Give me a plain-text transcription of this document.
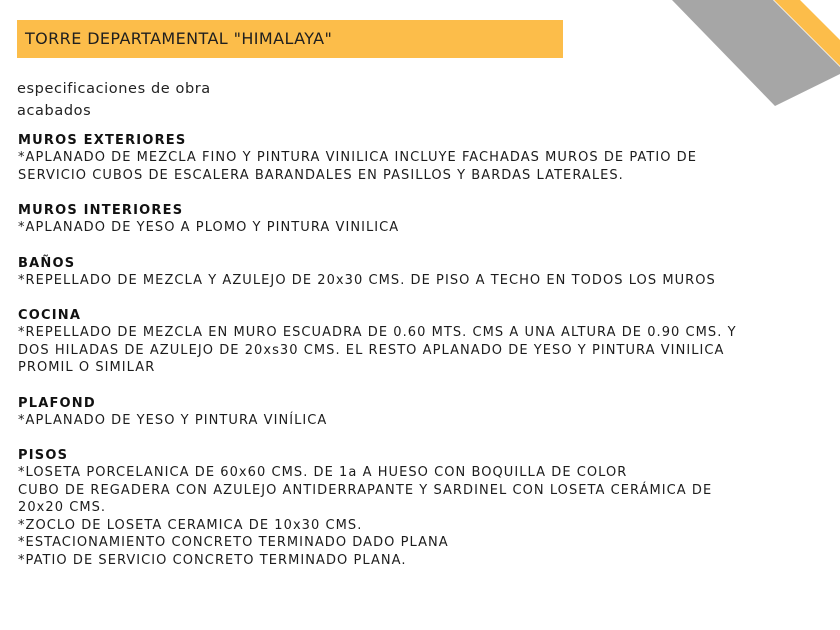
TORRE DEPARTAMENTAL "HIMALAYA"
especificaciones de obra
acabados
MUROS EXTERIORES
*APLANADO DE MEZCLA FINO Y PINTURA VINILICA INCLUYE FACHADAS MUROS DE PATIO DE
SERVICIO CUBOS DE ESCALERA BARANDALES EN PASILLOS Y BARDAS LATERALES.
MUROS INTERIORES
*APLANADO DE YESO A PLOMO Y PINTURA VINILICA
BAÑOS
*REPELLADO DE MEZCLA Y AZULEJO DE 20x30 CMS. DE PISO A TECHO EN TODOS LOS MUROS
COCINA
*REPELLADO DE MEZCLA EN MURO ESCUADRA DE 0.60 MTS. CMS A UNA ALTURA DE 0.90 CMS. Y
DOS HILADAS DE AZULEJO DE 20xs30 CMS. EL RESTO APLANADO DE YESO Y PINTURA VINILICA
PROMIL O SIMILAR
PLAFOND
*APLANADO DE YESO Y PINTURA VINÍLICA
PISOS
*LOSETA PORCELANICA DE 60x60 CMS. DE 1a A HUESO CON BOQUILLA DE COLOR
CUBO DE REGADERA CON AZULEJO ANTIDERRAPANTE Y SARDINEL CON LOSETA CERÁMICA DE
20x20 CMS.
*ZOCLO DE LOSETA CERAMICA DE 10x30 CMS.
*ESTACIONAMIENTO CONCRETO TERMINADO DADO PLANA
*PATIO DE SERVICIO CONCRETO TERMINADO PLANA.
